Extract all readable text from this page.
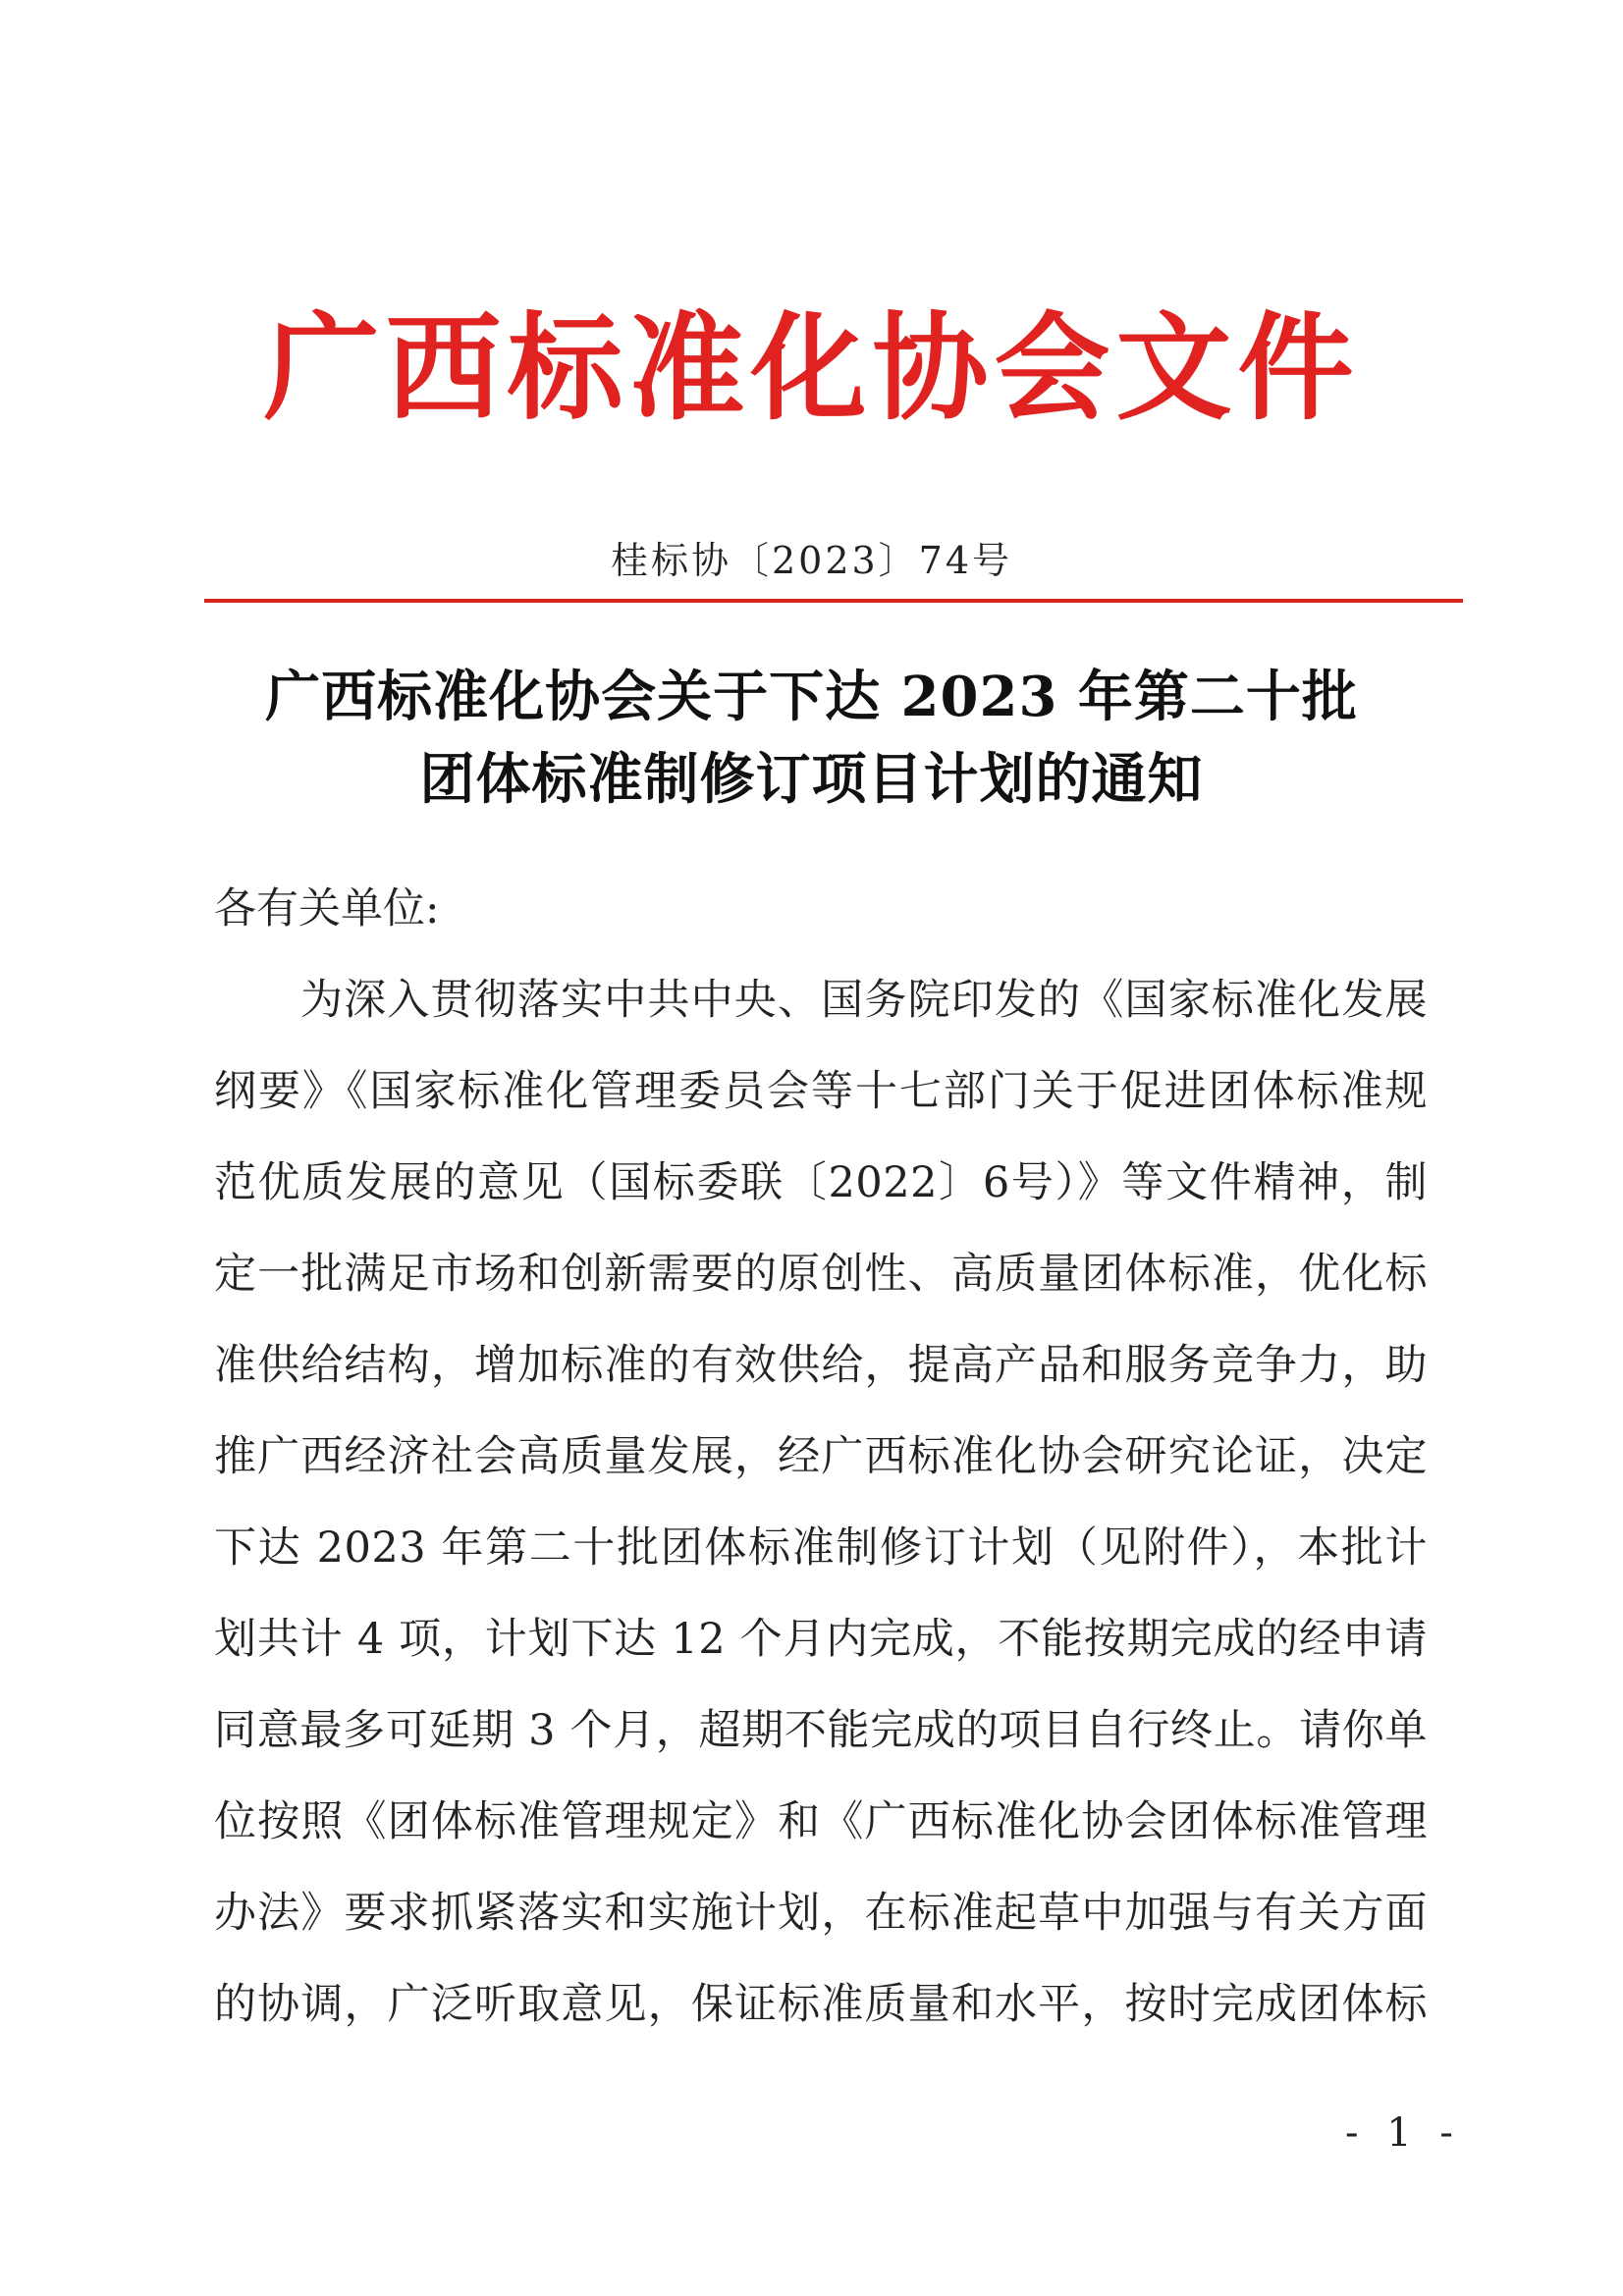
广西标准化协会文件
桂标协〔2023〕74号
广西标准化协会关于下达 2023 年第二十批
团体标准制修订项目计划的通知
各有关单位:
为深入贯彻落实中共中央、国务院印发的《国家标准化发展
纲要》《国家标准化管理委员会等十七部门关于促进团体标准规
范优质发展的意见（国标委联〔2022〕6号）》等文件精神，制
定一批满足市场和创新需要的原创性、高质量团体标准，优化标
准供给结构，增加标准的有效供给，提高产品和服务竞争力，助
推广西经济社会高质量发展，经广西标准化协会研究论证，决定
下达 2023 年第二十批团体标准制修订计划（见附件），本批计
划共计 4 项，计划下达 12 个月内完成，不能按期完成的经申请
同意最多可延期 3 个月，超期不能完成的项目自行终止。请你单
位按照《团体标准管理规定》和《广西标准化协会团体标准管理
办法》要求抓紧落实和实施计划，在标准起草中加强与有关方面
的协调，广泛听取意见，保证标准质量和水平，按时完成团体标
- 1 -
